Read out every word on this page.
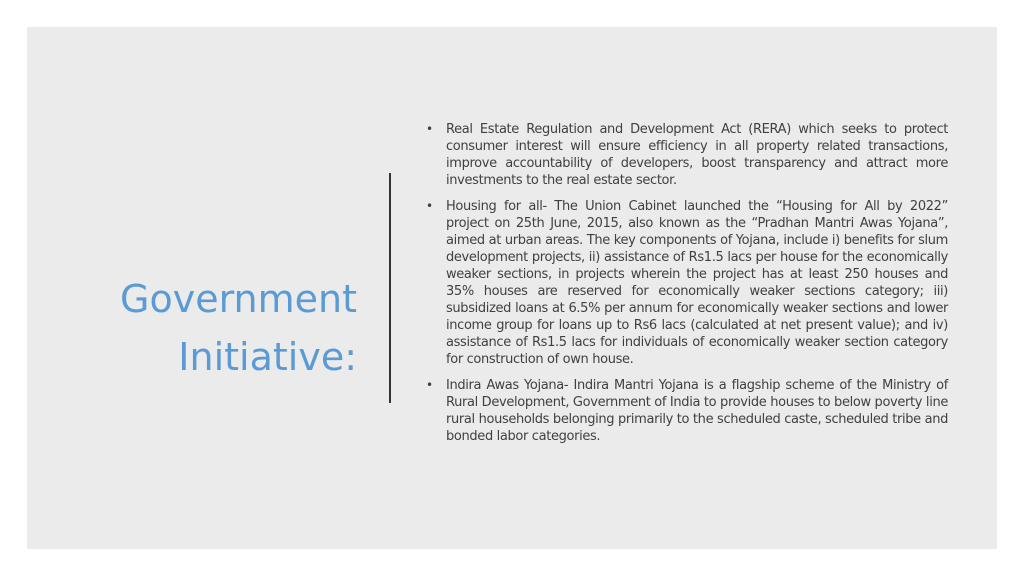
Government
Initiative:

• Real Estate Regulation and Development Act (RERA) which seeks to protect consumer interest will ensure efficiency in all property related transactions, improve accountability of developers, boost transparency and attract more investments to the real estate sector.

• Housing for all- The Union Cabinet launched the “Housing for All by 2022” project on 25th June, 2015, also known as the “Pradhan Mantri Awas Yojana”, aimed at urban areas. The key components of Yojana, include i) benefits for slum development projects, ii) assistance of Rs1.5 lacs per house for the economically weaker sections, in projects wherein the project has at least 250 houses and 35% houses are reserved for economically weaker sections category; iii) subsidized loans at 6.5% per annum for economically weaker sections and lower income group for loans up to Rs6 lacs (calculated at net present value); and iv) assistance of Rs1.5 lacs for individuals of economically weaker section category for construction of own house.

• Indira Awas Yojana- Indira Mantri Yojana is a flagship scheme of the Ministry of Rural Development, Government of India to provide houses to below poverty line rural households belonging primarily to the scheduled caste, scheduled tribe and bonded labor categories.
